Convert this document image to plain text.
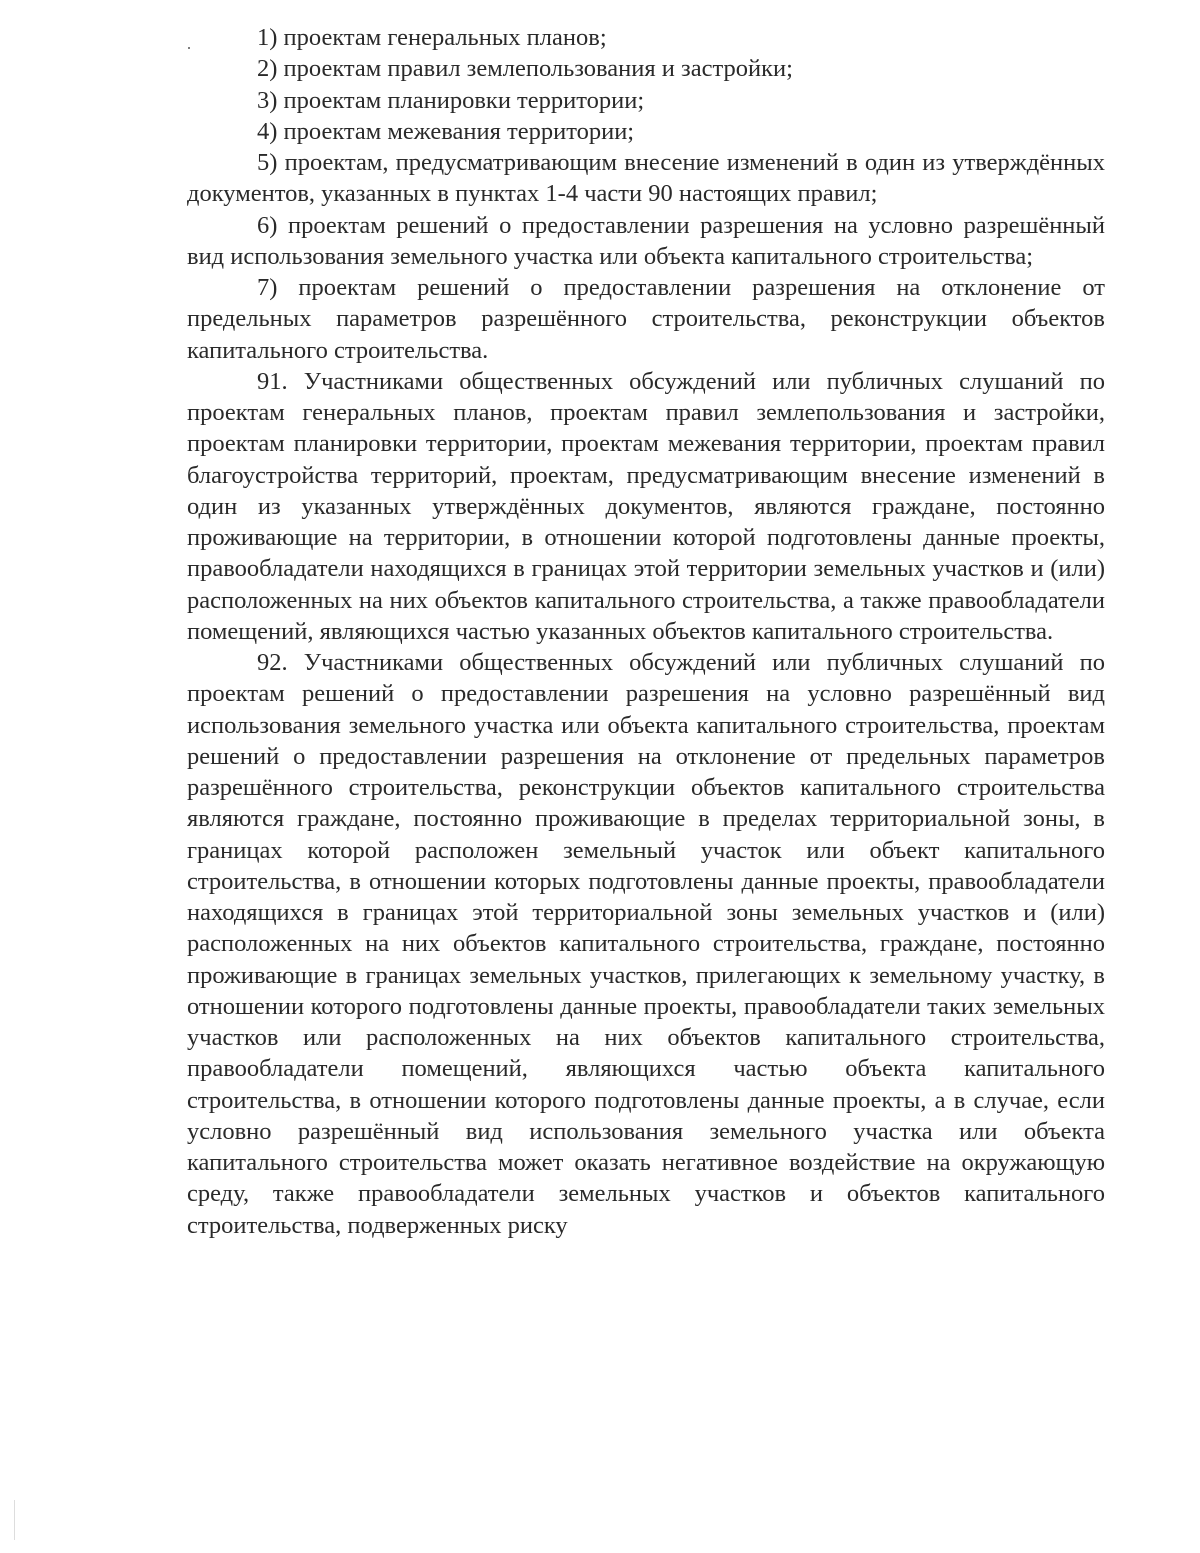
1) проектам генеральных планов;

2) проектам правил землепользования и застройки;

3) проектам планировки территории;

4) проектам межевания территории;

5) проектам, предусматривающим внесение изменений в один из утверждённых документов, указанных в пунктах 1-4 части 90 настоящих правил;

6) проектам решений о предоставлении разрешения на условно разрешённый вид использования земельного участка или объекта капитального строительства;

7) проектам решений о предоставлении разрешения на отклонение от предельных параметров разрешённого строительства, реконструкции объектов капитального строительства.

91. Участниками общественных обсуждений или публичных слушаний по проектам генеральных планов, проектам правил землепользования и застройки, проектам планировки территории, проектам межевания территории, проектам правил благоустройства территорий, проектам, предусматривающим внесение изменений в один из указанных утверждённых документов, являются граждане, постоянно проживающие на территории, в отношении которой подготовлены данные проекты, правообладатели находящихся в границах этой территории земельных участков и (или) расположенных на них объектов капитального строительства, а также правообладатели помещений, являющихся частью указанных объектов капитального строительства.

92. Участниками общественных обсуждений или публичных слушаний по проектам решений о предоставлении разрешения на условно разрешённый вид использования земельного участка или объекта капитального строительства, проектам решений о предоставлении разрешения на отклонение от предельных параметров разрешённого строительства, реконструкции объектов капитального строительства являются граждане, постоянно проживающие в пределах территориальной зоны, в границах которой расположен земельный участок или объект капитального строительства, в отношении которых подготовлены данные проекты, правообладатели находящихся в границах этой территориальной зоны земельных участков и (или) расположенных на них объектов капитального строительства, граждане, постоянно проживающие в границах земельных участков, прилегающих к земельному участку, в отношении которого подготовлены данные проекты, правообладатели таких земельных участков или расположенных на них объектов капитального строительства, правообладатели помещений, являющихся частью объекта капитального строительства, в отношении которого подготовлены данные проекты, а в случае, если условно разрешённый вид использования земельного участка или объекта капитального строительства может оказать негативное воздействие на окружающую среду, также правообладатели земельных участков и объектов капитального строительства, подверженных риску
